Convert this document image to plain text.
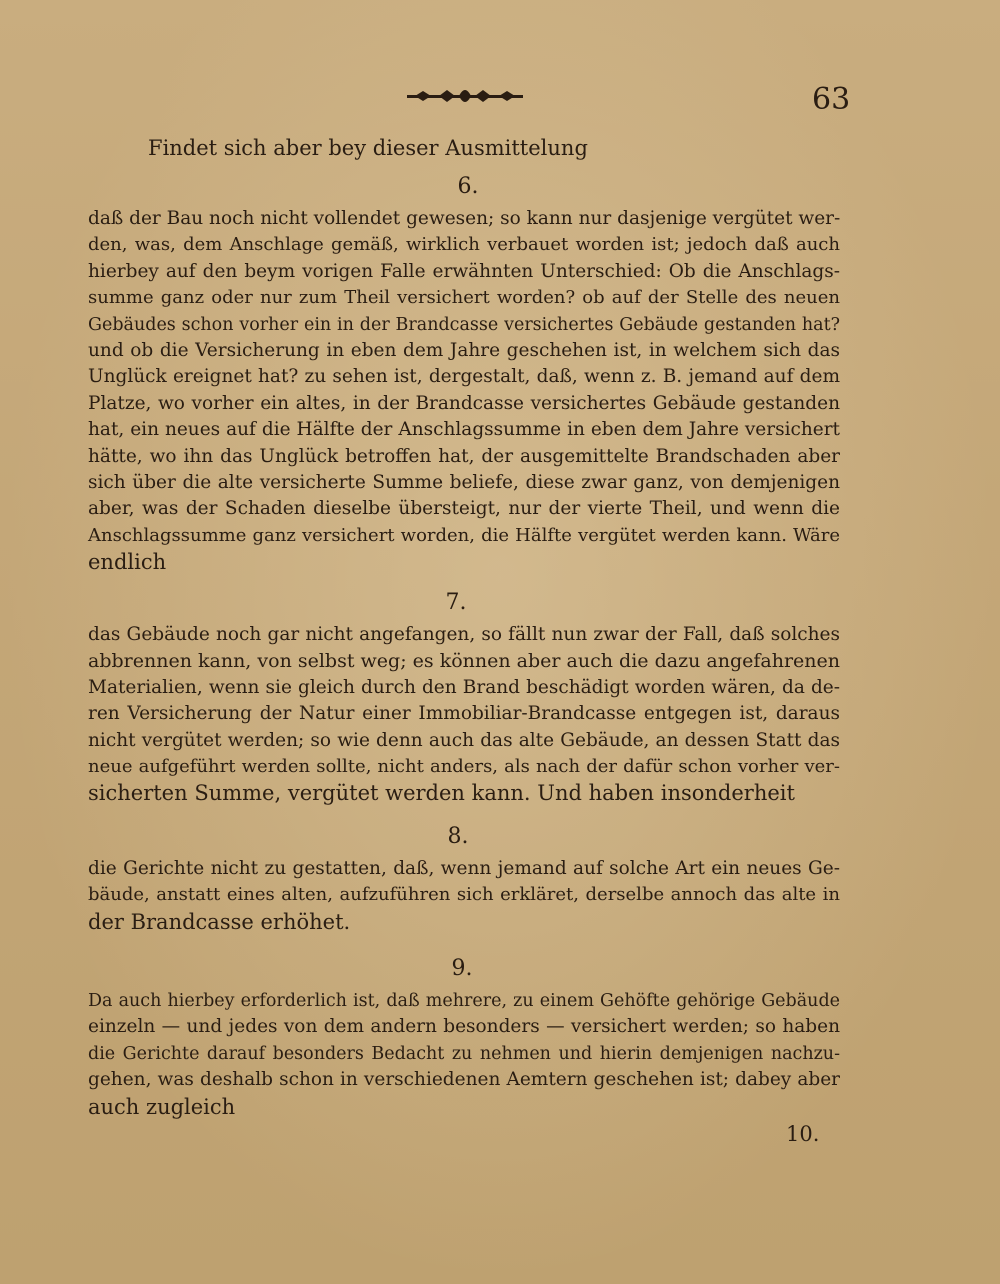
63
Findet sich aber bey dieser Ausmittelung
6.
daß der Bau noch nicht vollendet gewesen; so kann nur dasjenige vergütet wer-
den, was, dem Anschlage gemäß, wirklich verbauet worden ist; jedoch daß auch
hierbey auf den beym vorigen Falle erwähnten Unterschied: Ob die Anschlags-
summe ganz oder nur zum Theil versichert worden? ob auf der Stelle des neuen
Gebäudes schon vorher ein in der Brandcasse versichertes Gebäude gestanden hat?
und ob die Versicherung in eben dem Jahre geschehen ist, in welchem sich das
Unglück ereignet hat? zu sehen ist, dergestalt, daß, wenn z. B. jemand auf dem
Platze, wo vorher ein altes, in der Brandcasse versichertes Gebäude gestanden
hat, ein neues auf die Hälfte der Anschlagssumme in eben dem Jahre versichert
hätte, wo ihn das Unglück betroffen hat, der ausgemittelte Brandschaden aber
sich über die alte versicherte Summe beliefe, diese zwar ganz, von demjenigen
aber, was der Schaden dieselbe übersteigt, nur der vierte Theil, und wenn die
Anschlagssumme ganz versichert worden, die Hälfte vergütet werden kann. Wäre
endlich
7.
das Gebäude noch gar nicht angefangen, so fällt nun zwar der Fall, daß solches
abbrennen kann, von selbst weg; es können aber auch die dazu angefahrenen
Materialien, wenn sie gleich durch den Brand beschädigt worden wären, da de-
ren Versicherung der Natur einer Immobiliar-Brandcasse entgegen ist, daraus
nicht vergütet werden; so wie denn auch das alte Gebäude, an dessen Statt das
neue aufgeführt werden sollte, nicht anders, als nach der dafür schon vorher ver-
sicherten Summe, vergütet werden kann. Und haben insonderheit
8.
die Gerichte nicht zu gestatten, daß, wenn jemand auf solche Art ein neues Ge-
bäude, anstatt eines alten, aufzuführen sich erkläret, derselbe annoch das alte in
der Brandcasse erhöhet.
9.
Da auch hierbey erforderlich ist, daß mehrere, zu einem Gehöfte gehörige Gebäude
einzeln — und jedes von dem andern besonders — versichert werden; so haben
die Gerichte darauf besonders Bedacht zu nehmen und hierin demjenigen nachzu-
gehen, was deshalb schon in verschiedenen Aemtern geschehen ist; dabey aber
auch zugleich
10.
